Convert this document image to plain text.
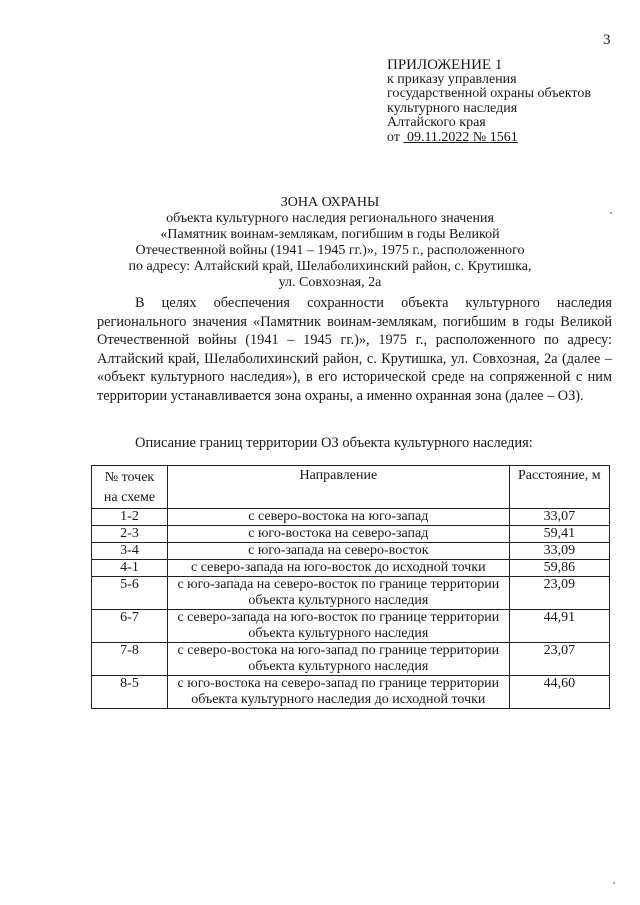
3
ПРИЛОЖЕНИЕ 1
к приказу управления
государственной охраны объектов
культурного наследия
Алтайского края
от 09.11.2022 № 1561
ЗОНА ОХРАНЫ
объекта культурного наследия регионального значения
«Памятник воинам-землякам, погибшим в годы Великой
Отечественной войны (1941 – 1945 гг.)», 1975 г., расположенного
по адресу: Алтайский край, Шелаболихинский район, с. Крутишка,
ул. Совхозная, 2а

В целях обеспечения сохранности объекта культурного наследия регионального значения «Памятник воинам-землякам, погибшим в годы Великой Отечественной войны (1941 – 1945 гг.)», 1975 г., расположенного по адресу: Алтайский край, Шелаболихинский район, с. Крутишка, ул. Совхозная, 2а (далее – «объект культурного наследия»), в его исторической среде на сопряженной с ним территории устанавливается зона охраны, а именно охранная зона (далее – ОЗ).

Описание границ территории ОЗ объекта культурного наследия:
№ точек
на схеме	Направление	Расстояние, м
1-2	с северо-востока на юго-запад	33,07
2-3	с юго-востока на северо-запад	59,41
3-4	с юго-запада на северо-восток	33,09
4-1	с северо-запада на юго-восток до исходной точки	59,86
5-6	с юго-запада на северо-восток по границе территории объекта культурного наследия	23,09
6-7	с северо-запада на юго-восток по границе территории объекта культурного наследия	44,91
7-8	с северо-востока на юго-запад по границе территории объекта культурного наследия	23,07
8-5	с юго-востока на северо-запад по границе территории объекта культурного наследия до исходной точки	44,60
